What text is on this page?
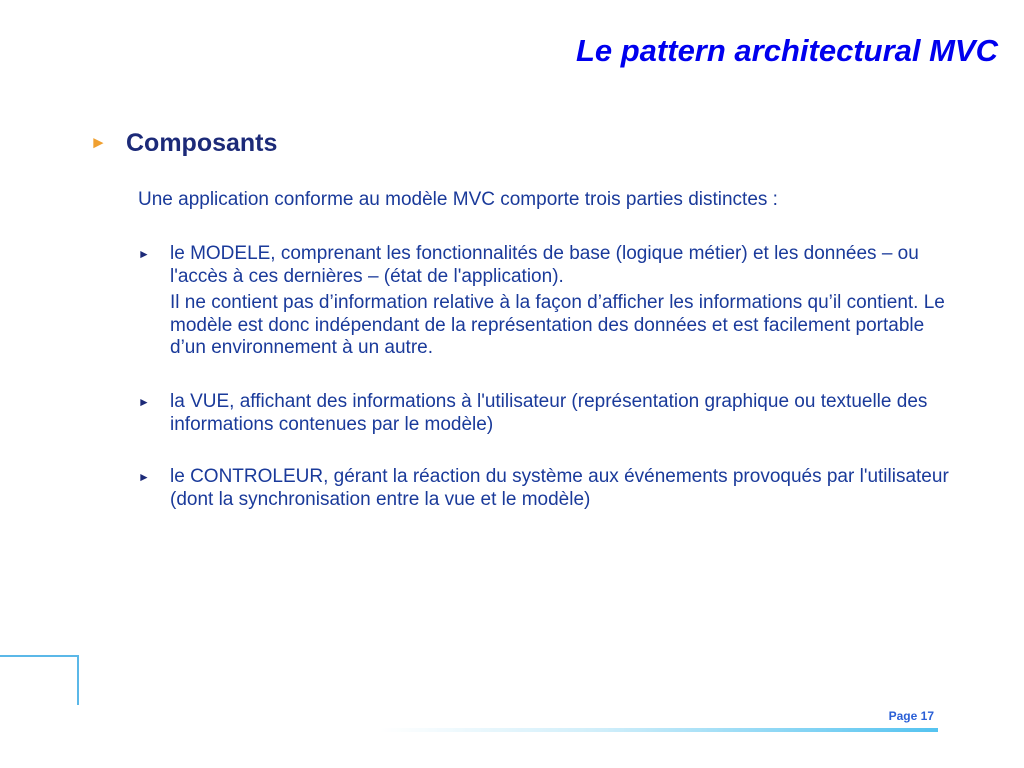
Le pattern architectural MVC
► Composants

Une application conforme au modèle MVC comporte trois parties distinctes :

► le MODELE, comprenant les fonctionnalités de base (logique métier) et les données – ou l'accès à ces dernières – (état de l'application).

Il ne contient pas d’information relative à la façon d’afficher les informations qu’il contient. Le modèle est donc indépendant de la représentation des données et est facilement portable d’un environnement à un autre.

► la VUE, affichant des informations à l'utilisateur (représentation graphique ou textuelle des informations contenues par le modèle)

► le CONTROLEUR, gérant la réaction du système aux événements provoqués par l'utilisateur (dont la synchronisation entre la vue et le modèle)

Page 17
